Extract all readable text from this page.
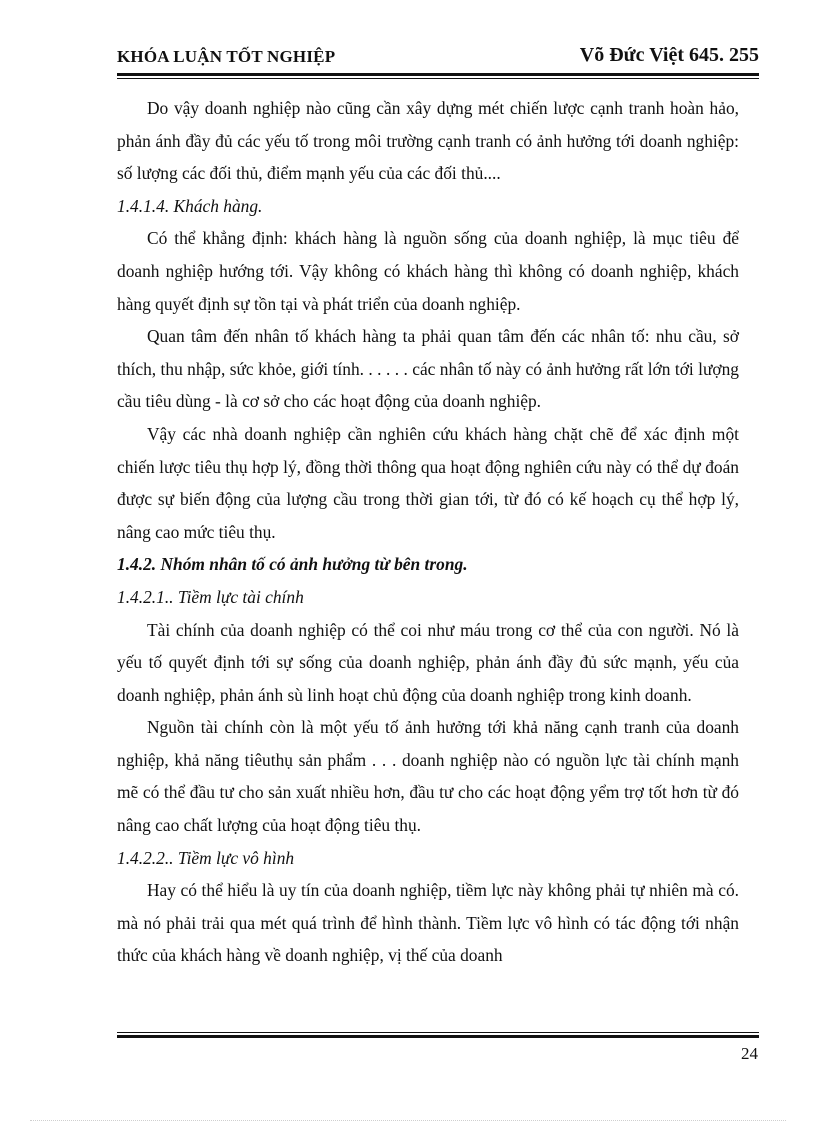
KHÓA LUẬN TỐT NGHIỆP	Võ Đức Việt 645. 255

Do vậy doanh nghiệp nào cũng cần xây dựng mét chiến lược cạnh tranh hoàn hảo, phản ánh đầy đủ các yếu tố trong môi trường cạnh tranh có ảnh hưởng tới doanh nghiệp: số lượng các đối thủ, điểm mạnh yếu của các đối thủ....

1.4.1.4. Khách hàng.

Có thể khẳng định: khách hàng là nguồn sống của doanh nghiệp, là mục tiêu để doanh nghiệp hướng tới. Vậy không có khách hàng thì không có doanh nghiệp, khách hàng quyết định sự tồn tại và phát triển của doanh nghiệp.

Quan tâm đến nhân tố khách hàng ta phải quan tâm đến các nhân tố: nhu cầu, sở thích, thu nhập, sức khỏe, giới tính. . . . . . các nhân tố này có ảnh hưởng rất lớn tới lượng cầu tiêu dùng - là cơ sở cho các hoạt động của doanh nghiệp.

Vậy các nhà doanh nghiệp cần nghiên cứu khách hàng chặt chẽ để xác định một chiến lược tiêu thụ hợp lý, đồng thời thông qua hoạt động nghiên cứu này có thể dự đoán được sự biến động của lượng cầu trong thời gian tới, từ đó có kế hoạch cụ thể hợp lý, nâng cao mức tiêu thụ.

1.4.2. Nhóm nhân tố có ảnh hưởng từ bên trong.
1.4.2.1.. Tiềm lực tài chính

Tài chính của doanh nghiệp có thể coi như máu trong cơ thể của con người. Nó là yếu tố quyết định tới sự sống của doanh nghiệp, phản ánh đầy đủ sức mạnh, yếu của doanh nghiệp, phản ánh sù linh hoạt chủ động của doanh nghiệp trong kinh doanh.

Nguồn tài chính còn là một yếu tố ảnh hưởng tới khả năng cạnh tranh của doanh nghiệp, khả năng tiêuthụ sản phẩm . . . doanh nghiệp nào có nguồn lực tài chính mạnh mẽ có thể đầu tư cho sản xuất nhiều hơn, đầu tư cho các hoạt động yểm trợ tốt hơn từ đó nâng cao chất lượng của hoạt động tiêu thụ.

1.4.2.2.. Tiềm lực vô hình

Hay có thể hiểu là uy tín của doanh nghiệp, tiềm lực này không phải tự nhiên mà có. mà nó phải trải qua mét quá trình để hình thành. Tiềm lực vô hình có tác động tới nhận thức của khách hàng về doanh nghiệp, vị thế của doanh

24
